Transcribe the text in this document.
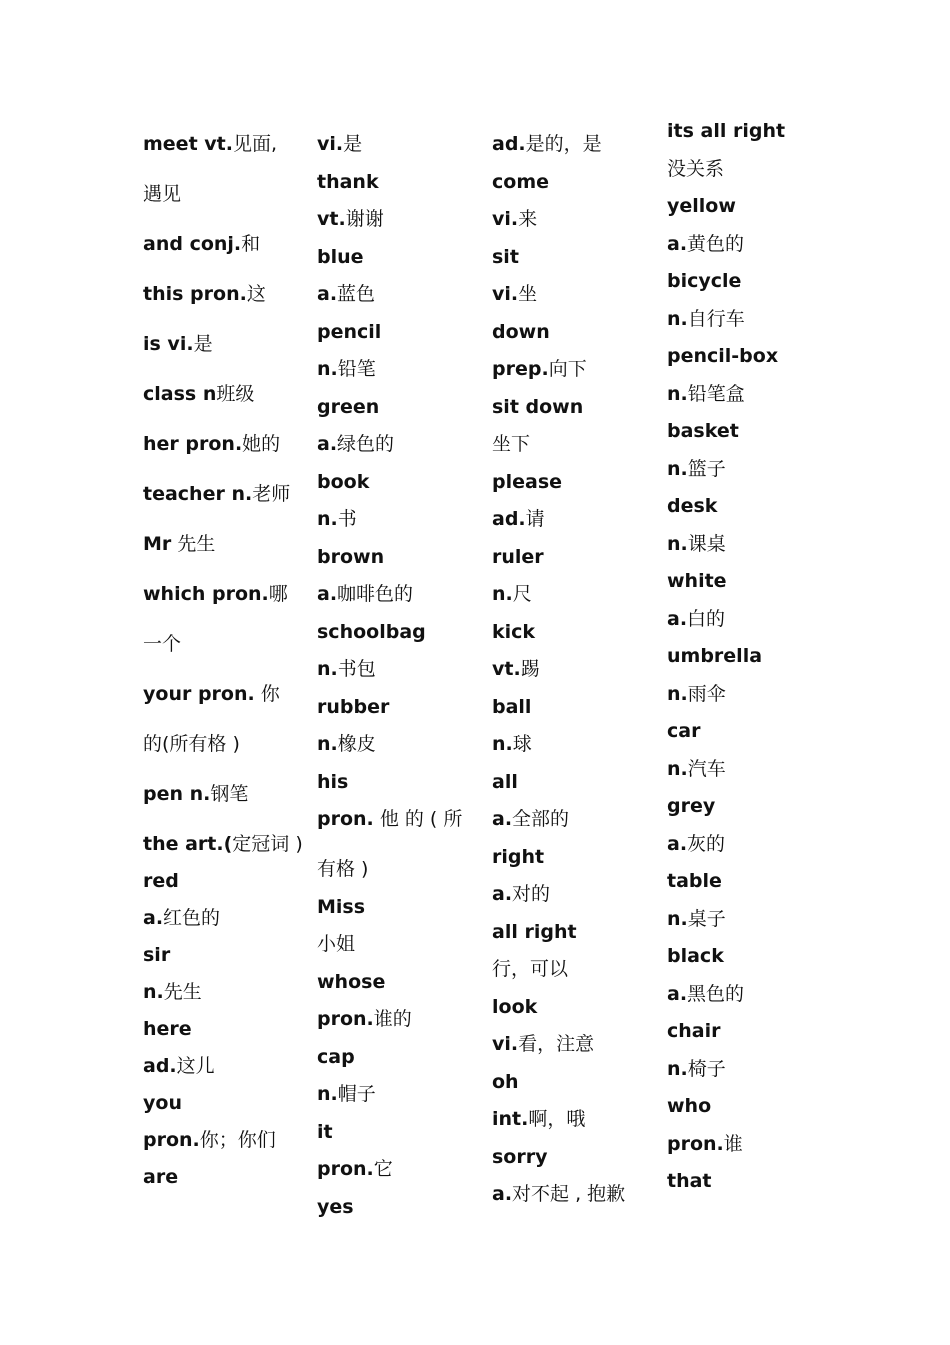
meet vt.见面,
遇见
and conj.和
this pron.这
is vi.是
class n班级
her pron.她的
teacher n.老师
Mr 先生
which pron.哪
一个
your pron. 你
的(所有格 )
pen n.钢笔
the art.(定冠词 )
red
a.红色的
sir
n.先生
here
ad.这儿
you
pron.你；你们
are
vi.是
thank
vt.谢谢
blue
a.蓝色
pencil
n.铅笔
green
a.绿色的
book
n.书
brown
a.咖啡色的
schoolbag
n.书包
rubber
n.橡皮
his
pron. 他 的 ( 所
有格 )
Miss
小姐
whose
pron.谁的
cap
n.帽子
it
pron.它
yes
ad.是的，是
come
vi.来
sit
vi.坐
down
prep.向下
sit down
坐下
please
ad.请
ruler
n.尺
kick
vt.踢
ball
n.球
all
a.全部的
right
a.对的
all right
行，可以
look
vi.看，注意
oh
int.啊，哦
sorry
a.对不起 , 抱歉
its all right
没关系
yellow
a.黄色的
bicycle
n.自行车
pencil-box
n.铅笔盒
basket
n.篮子
desk
n.课桌
white
a.白的
umbrella
n.雨伞
car
n.汽车
grey
a.灰的
table
n.桌子
black
a.黑色的
chair
n.椅子
who
pron.谁
that
